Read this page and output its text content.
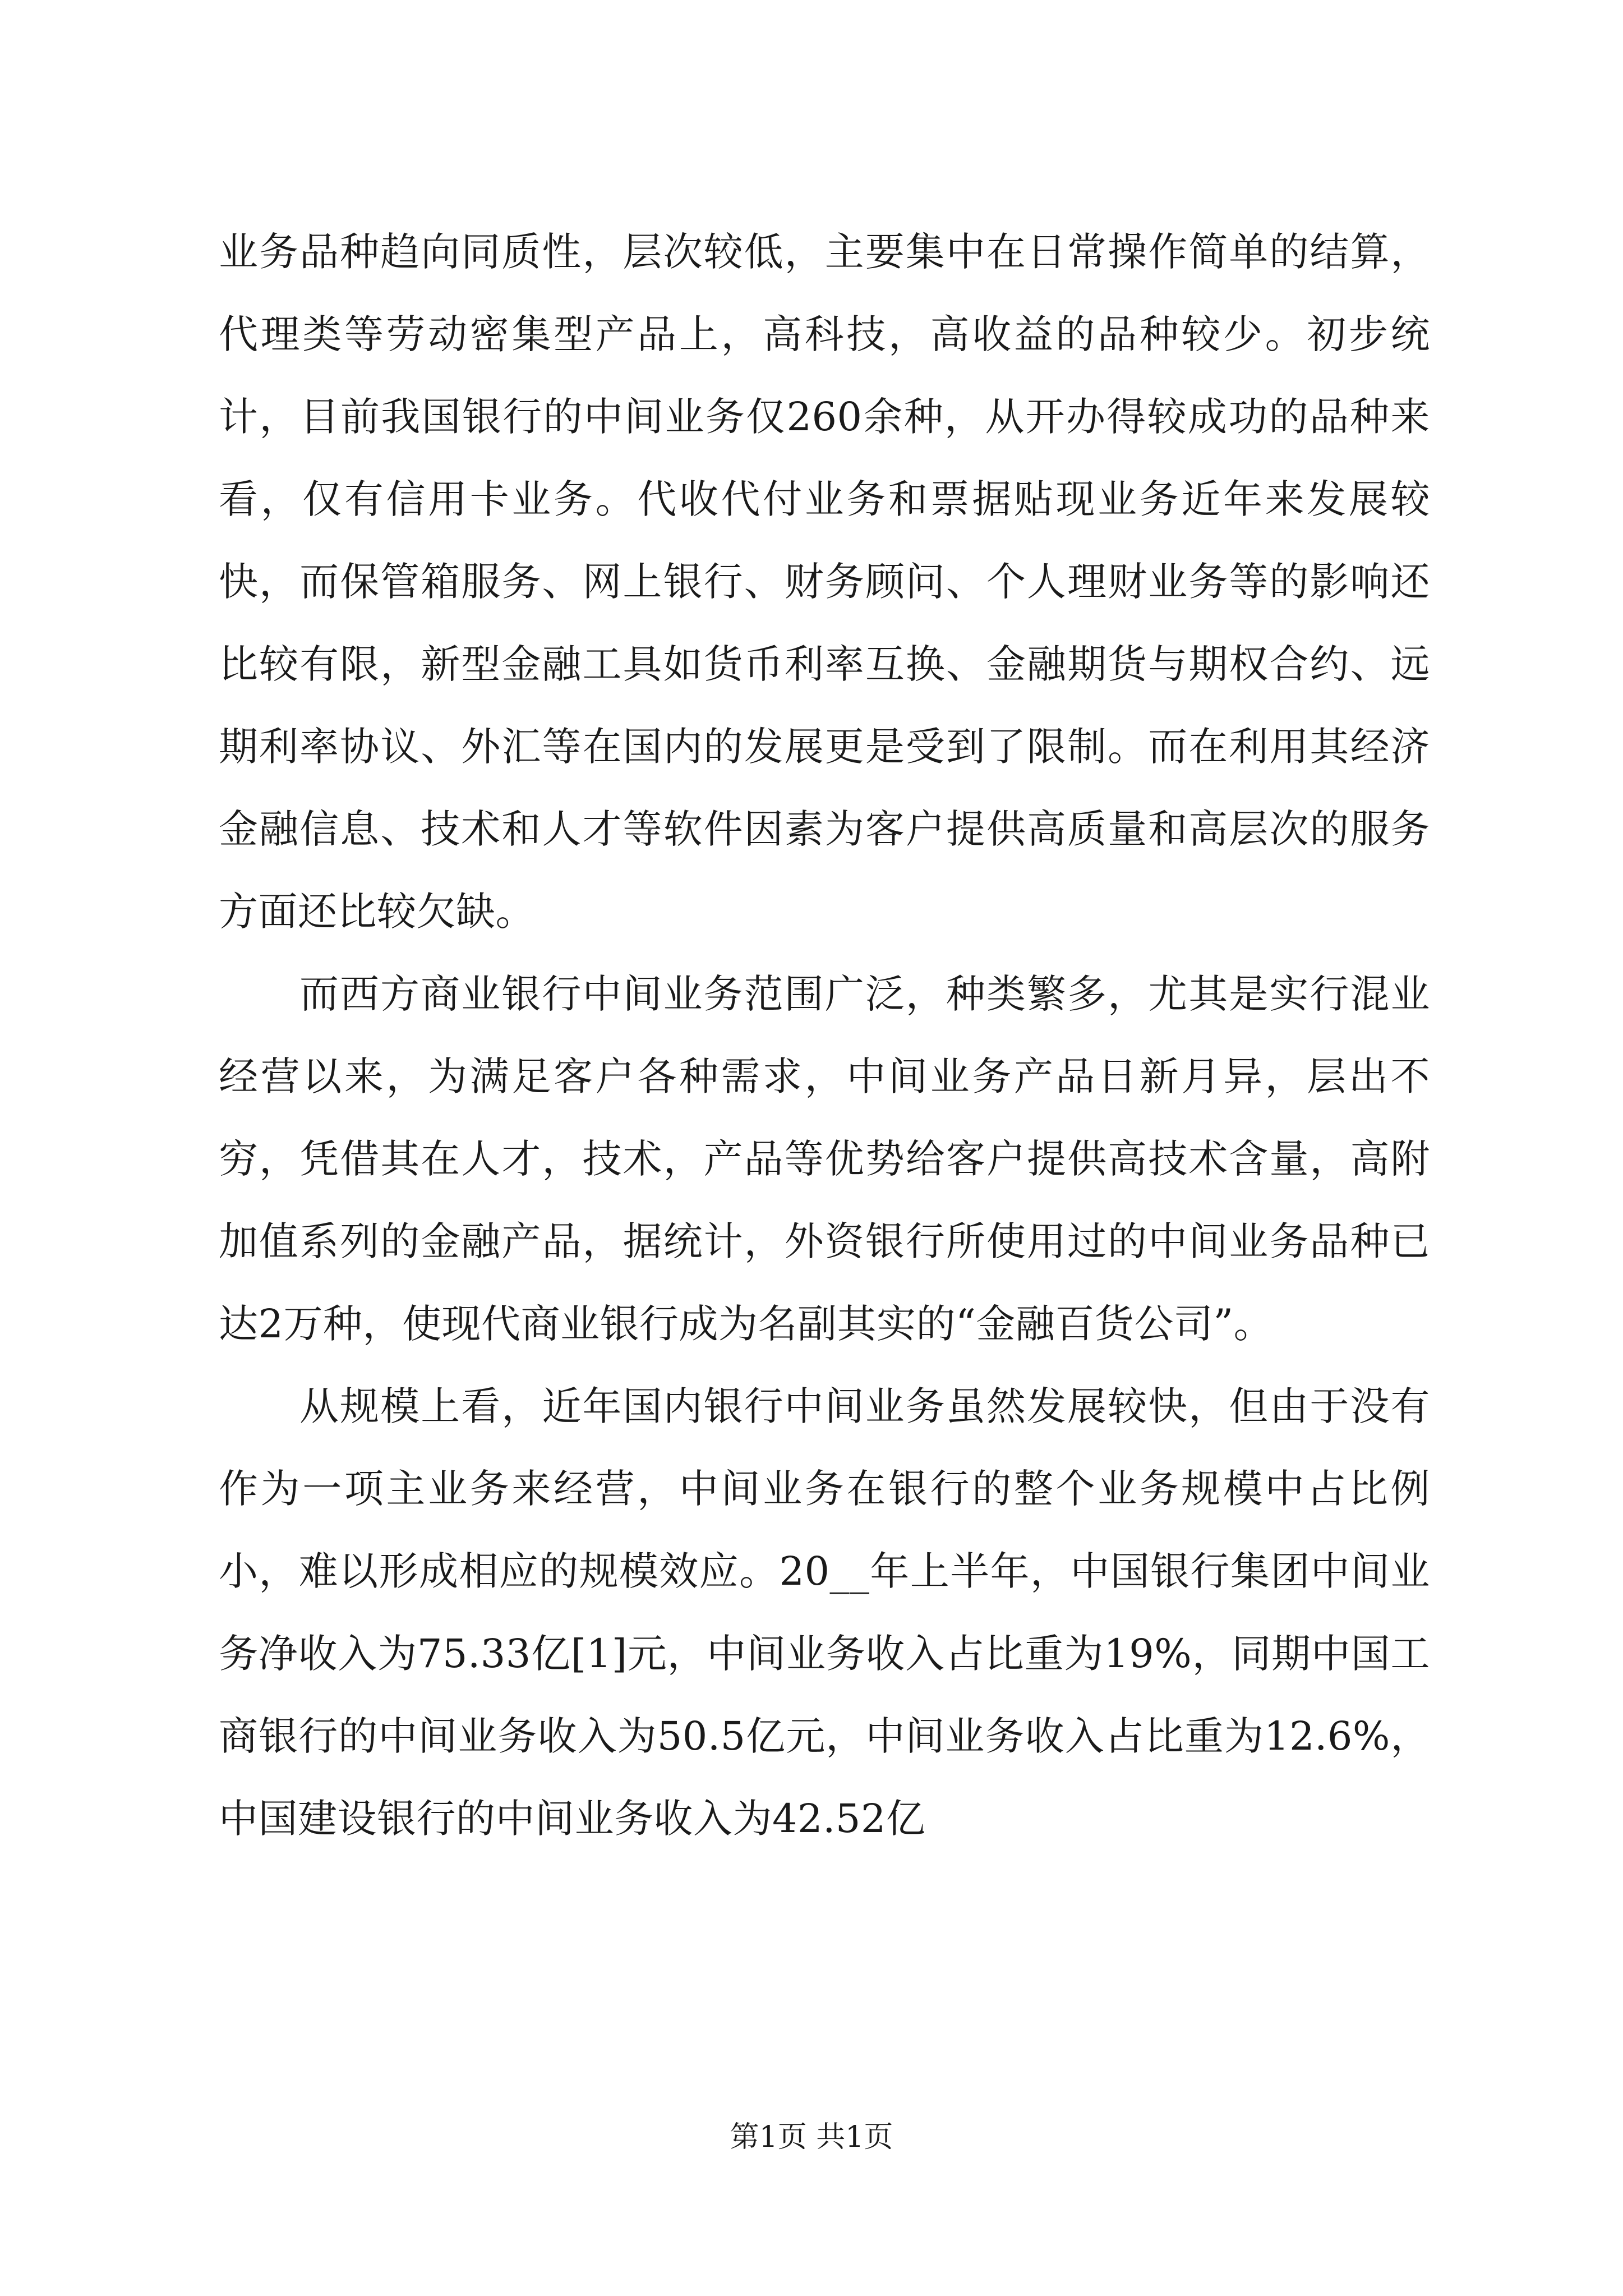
业务品种趋向同质性，层次较低，主要集中在日常操作简单的结算，代理类等劳动密集型产品上，高科技，高收益的品种较少。初步统计，目前我国银行的中间业务仅260余种，从开办得较成功的品种来看，仅有信用卡业务。代收代付业务和票据贴现业务近年来发展较快，而保管箱服务、网上银行、财务顾问、个人理财业务等的影响还比较有限，新型金融工具如货币利率互换、金融期货与期权合约、远期利率协议、外汇等在国内的发展更是受到了限制。而在利用其经济金融信息、技术和人才等软件因素为客户提供高质量和高层次的服务方面还比较欠缺。

而西方商业银行中间业务范围广泛，种类繁多，尤其是实行混业经营以来，为满足客户各种需求，中间业务产品日新月异，层出不穷，凭借其在人才，技术，产品等优势给客户提供高技术含量，高附加值系列的金融产品，据统计，外资银行所使用过的中间业务品种已达2万种，使现代商业银行成为名副其实的“金融百货公司”。

从规模上看，近年国内银行中间业务虽然发展较快，但由于没有作为一项主业务来经营，中间业务在银行的整个业务规模中占比例小，难以形成相应的规模效应。20__年上半年，中国银行集团中间业务净收入为75.33亿[1]元，中间业务收入占比重为19%，同期中国工商银行的中间业务收入为50.5亿元，中间业务收入占比重为12.6%，中国建设银行的中间业务收入为42.52亿

第1页 共1页
